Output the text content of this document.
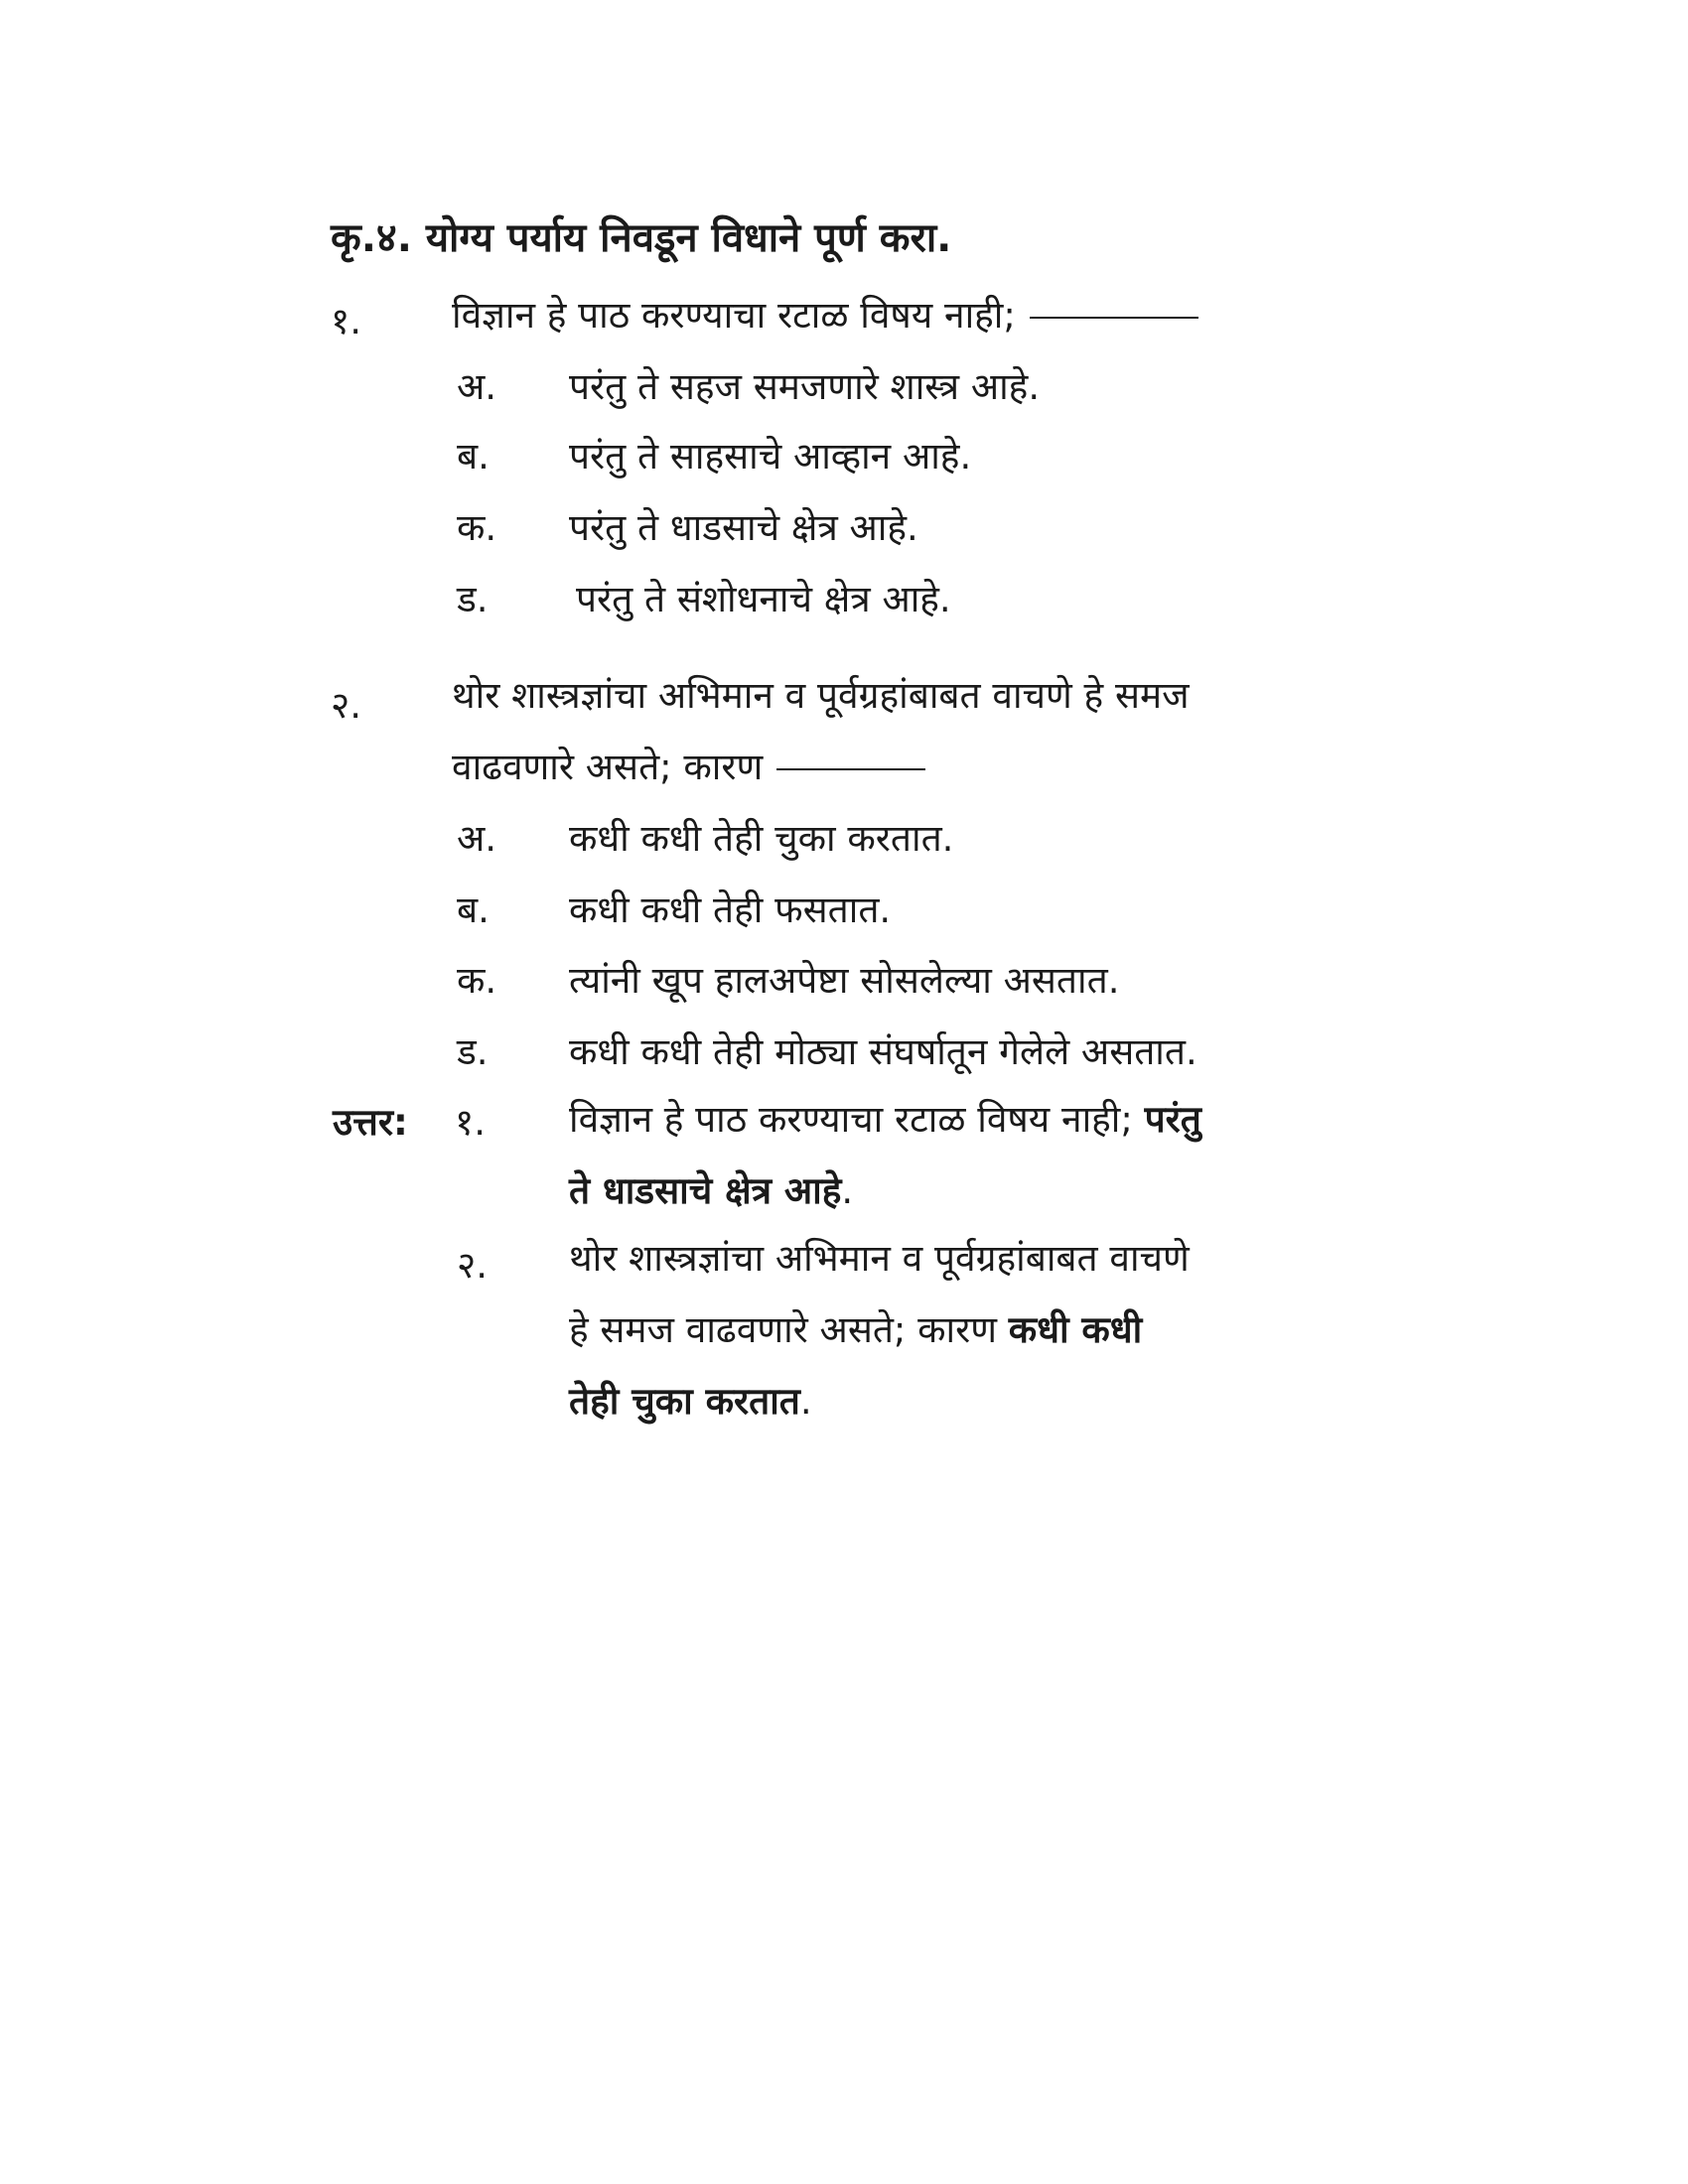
कृ.४. योग्य पर्याय निवडून विधाने पूर्ण करा.
१. विज्ञान हे पाठ करण्याचा रटाळ विषय नाही;
अ. परंतु ते सहज समजणारे शास्त्र आहे.
ब. परंतु ते साहसाचे आव्हान आहे.
क. परंतु ते धाडसाचे क्षेत्र आहे.
ड. परंतु ते संशोधनाचे क्षेत्र आहे.
२. थोर शास्त्रज्ञांचा अभिमान व पूर्वग्रहांबाबत वाचणे हे समज
वाढवणारे असते; कारण
अ. कधी कधी तेही चुका करतात.
ब. कधी कधी तेही फसतात.
क. त्यांनी खूप हालअपेष्टा सोसलेल्या असतात.
ड. कधी कधी तेही मोठ्या संघर्षातून गेलेले असतात.
उत्तर: १. विज्ञान हे पाठ करण्याचा रटाळ विषय नाही; परंतु
ते धाडसाचे क्षेत्र आहे.
२. थोर शास्त्रज्ञांचा अभिमान व पूर्वग्रहांबाबत वाचणे
हे समज वाढवणारे असते; कारण कधी कधी
तेही चुका करतात.
